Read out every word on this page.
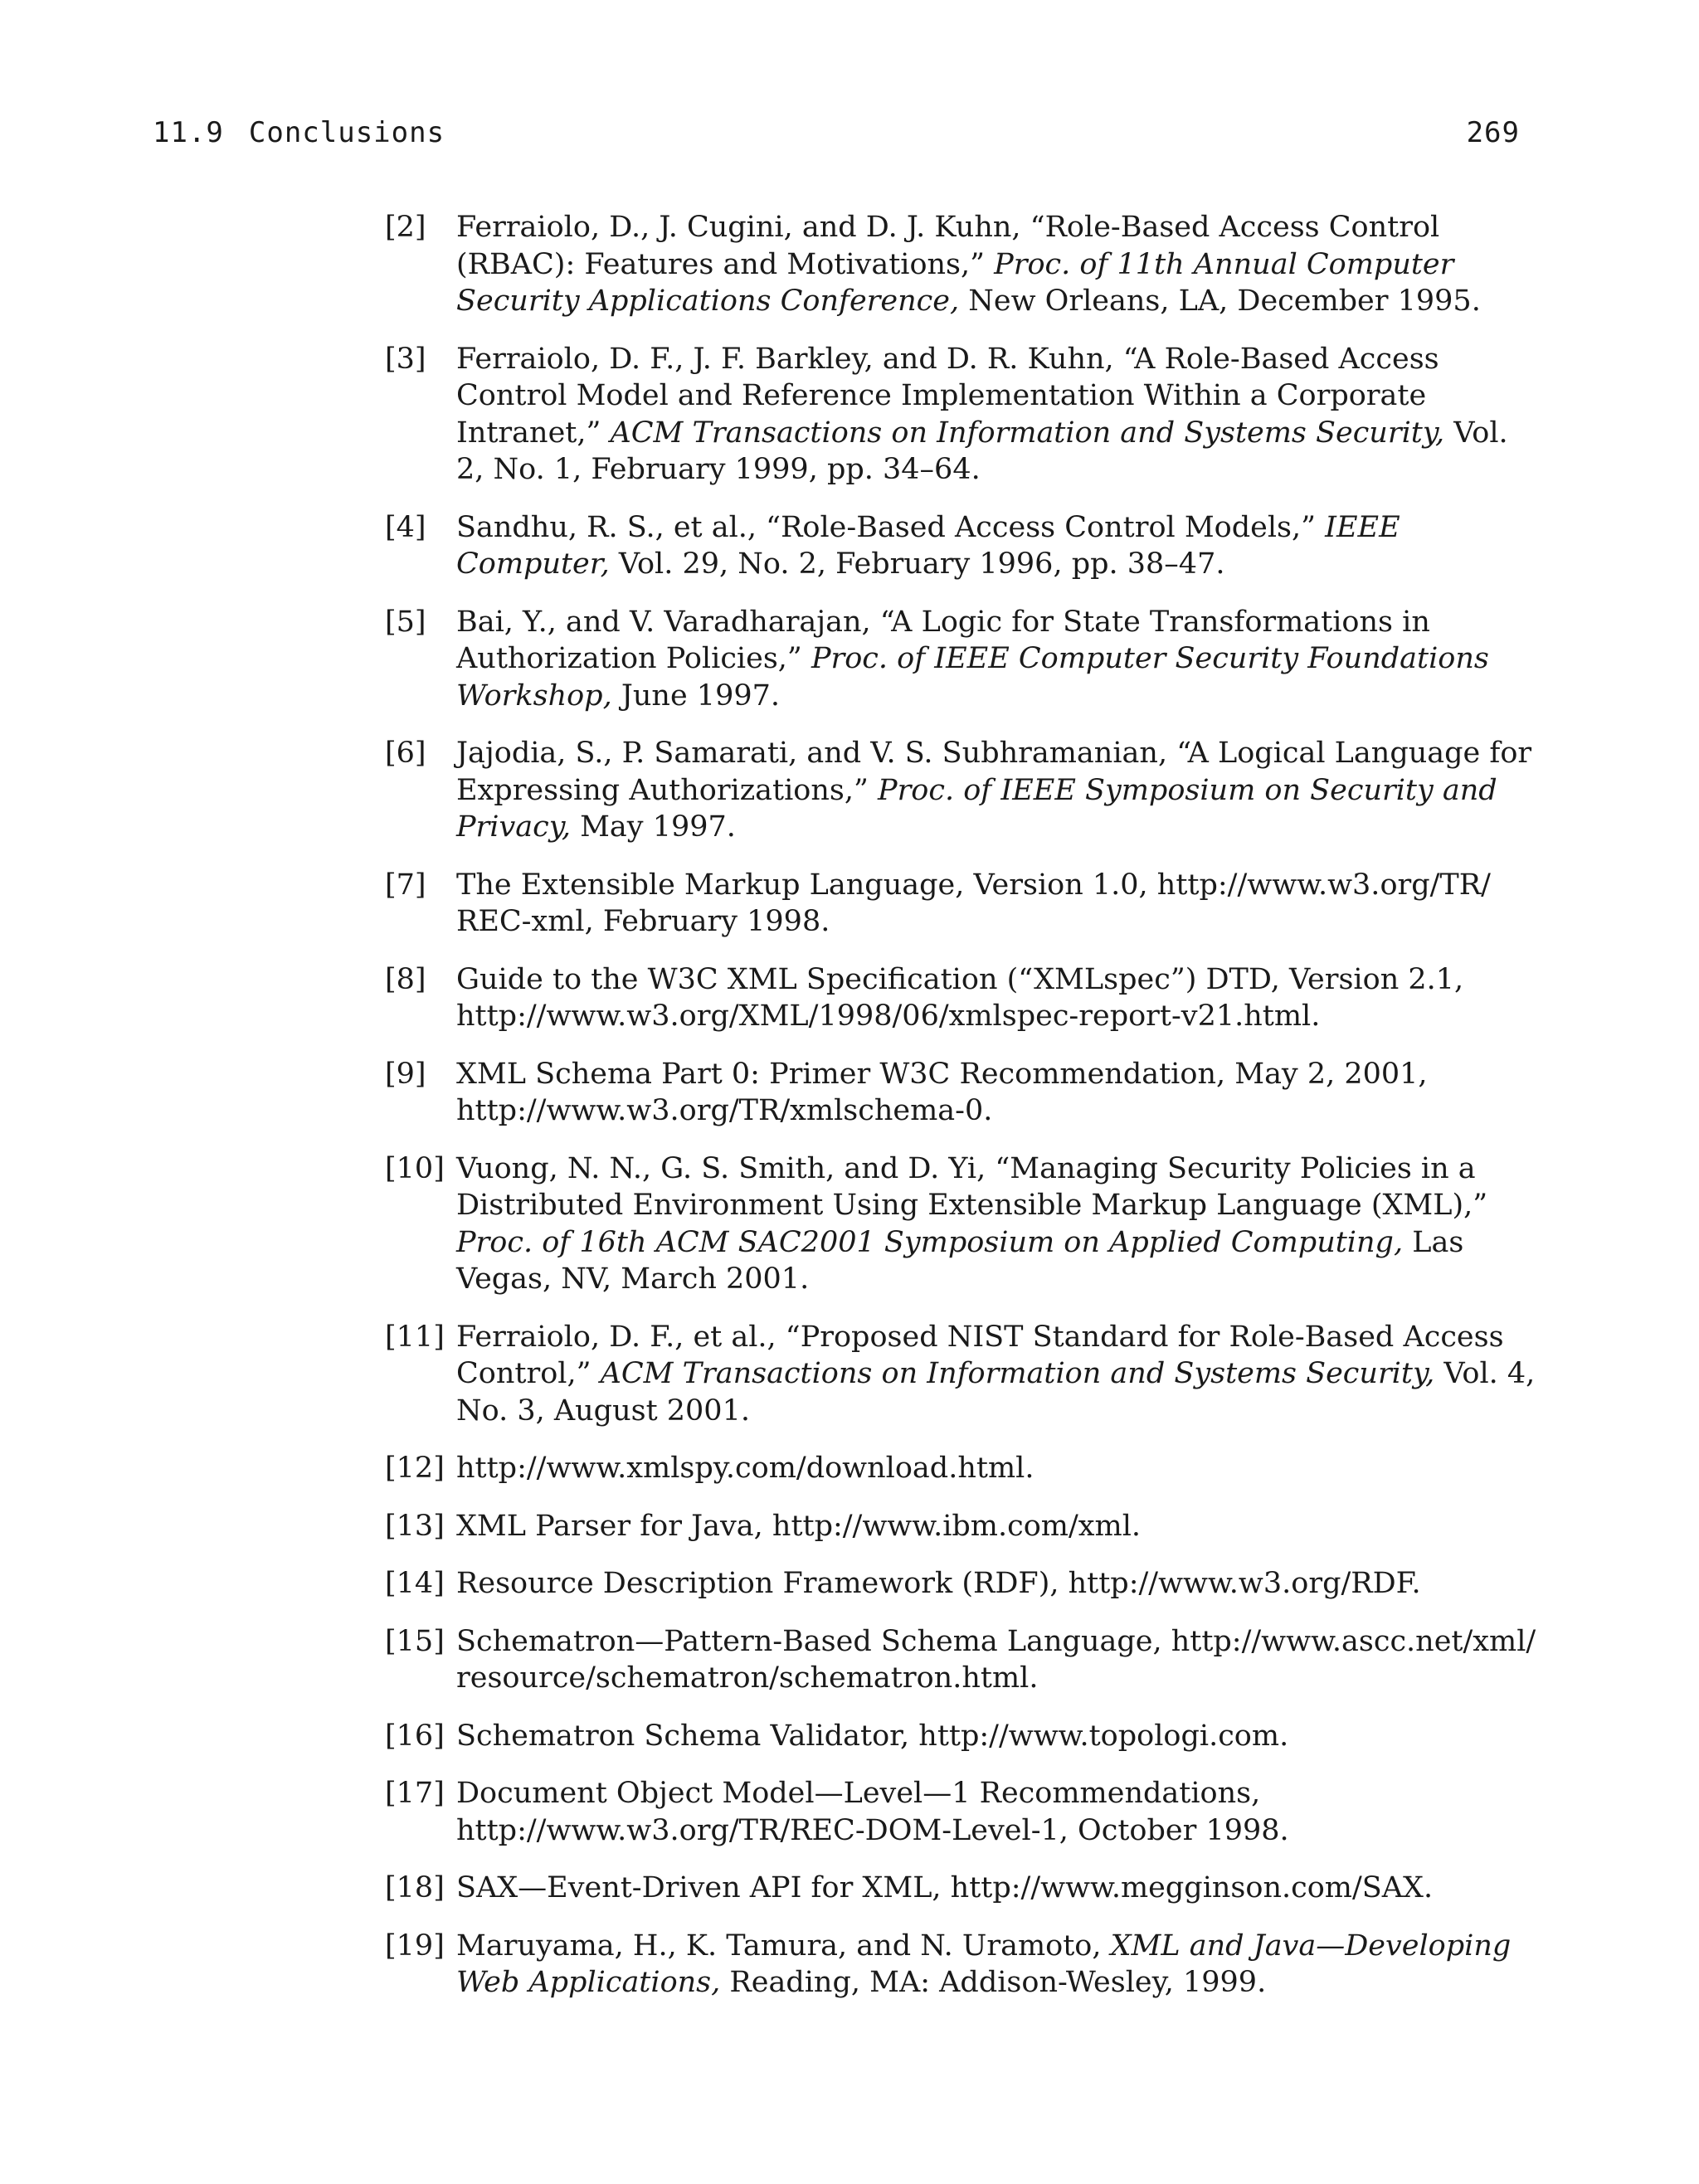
11.9 Conclusions	269
[2] Ferraiolo, D., J. Cugini, and D. J. Kuhn, “Role-Based Access Control (RBAC): Features and Motivations,” Proc. of 11th Annual Computer Security Applications Conference, New Orleans, LA, December 1995.
[3] Ferraiolo, D. F., J. F. Barkley, and D. R. Kuhn, “A Role-Based Access Control Model and Reference Implementation Within a Corporate Intranet,” ACM Transactions on Information and Systems Security, Vol. 2, No. 1, February 1999, pp. 34–64.
[4] Sandhu, R. S., et al., “Role-Based Access Control Models,” IEEE Computer, Vol. 29, No. 2, February 1996, pp. 38–47.
[5] Bai, Y., and V. Varadharajan, “A Logic for State Transformations in Authorization Policies,” Proc. of IEEE Computer Security Foundations Workshop, June 1997.
[6] Jajodia, S., P. Samarati, and V. S. Subhramanian, “A Logical Language for Expressing Authorizations,” Proc. of IEEE Symposium on Security and Privacy, May 1997.
[7] The Extensible Markup Language, Version 1.0, http://www.w3.org/TR/​REC-xml, February 1998.
[8] Guide to the W3C XML Specification (“XMLspec”) DTD, Version 2.1, http://www.w3.org/XML/1998/06/xmlspec-report-v21.html.
[9] XML Schema Part 0: Primer W3C Recommendation, May 2, 2001, http://www.w3.org/TR/xmlschema-0.
[10] Vuong, N. N., G. S. Smith, and D. Yi, “Managing Security Policies in a Distributed Environment Using Extensible Markup Language (XML),” Proc. of 16th ACM SAC2001 Symposium on Applied Computing, Las Vegas, NV, March 2001.
[11] Ferraiolo, D. F., et al., “Proposed NIST Standard for Role-Based Access Control,” ACM Transactions on Information and Systems Security, Vol. 4, No. 3, August 2001.
[12] http://www.xmlspy.com/download.html.
[13] XML Parser for Java, http://www.ibm.com/xml.
[14] Resource Description Framework (RDF), http://www.w3.org/RDF.
[15] Schematron—Pattern-Based Schema Language, http://www.ascc.net/xml/​resource/schematron/schematron.html.
[16] Schematron Schema Validator, http://www.topologi.com.
[17] Document Object Model—Level—1 Recommendations, http://www.w3.org/​TR/REC-DOM-Level-1, October 1998.
[18] SAX—Event-Driven API for XML, http://www.megginson.com/SAX.
[19] Maruyama, H., K. Tamura, and N. Uramoto, XML and Java—Developing Web Applications, Reading, MA: Addison-Wesley, 1999.
